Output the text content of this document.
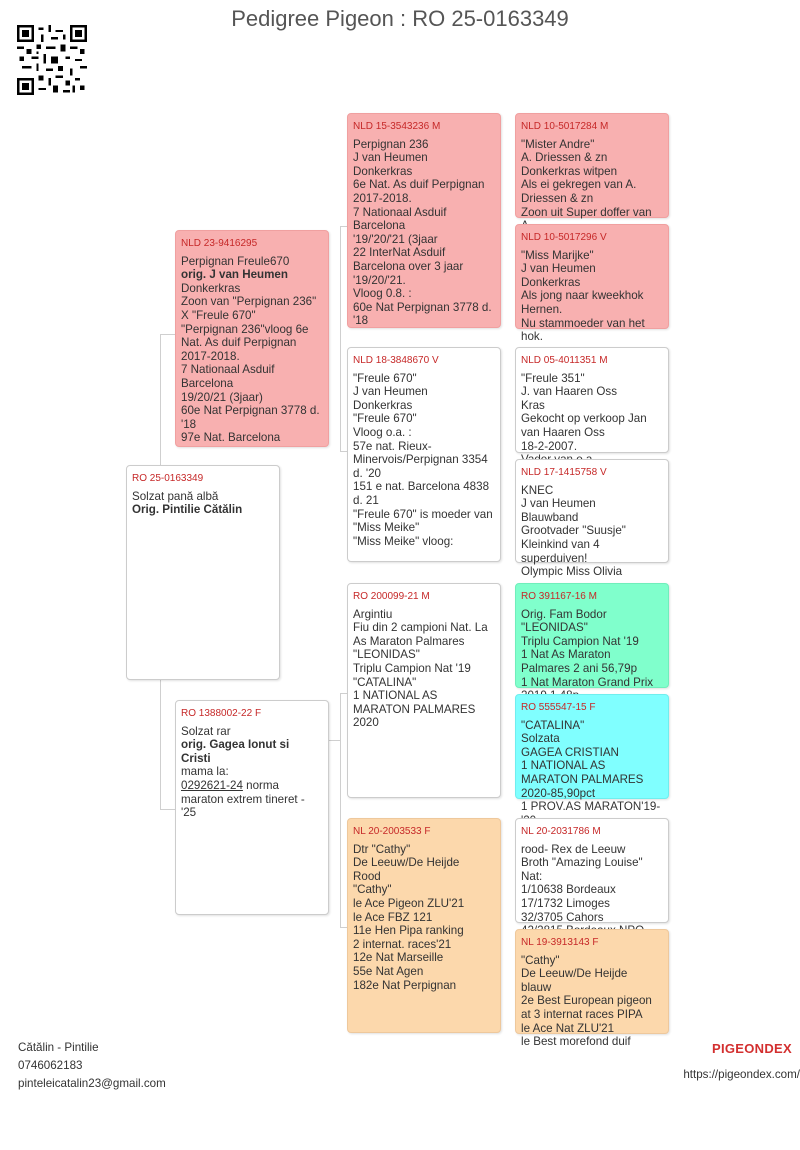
Pedigree Pigeon : RO 25-0163349
RO 25-0163349
Solzat pană albă
Orig. Pintilie Cătălin
NLD 23-9416295
Perpignan Freule670
orig. J van Heumen
Donkerkras
Zoon van "Perpignan 236" X "Freule 670"
"Perpignan 236"vloog 6e Nat. As duif Perpignan 2017-2018.
7 Nationaal Asduif Barcelona
19/20/21 (3jaar)
60e Nat Perpignan 3778 d. '18
97e Nat. Barcelona
RO 1388002-22 F
Solzat rar
orig. Gagea Ionut si Cristi
mama la:
0292621-24 norma maraton extrem tineret - '25
NLD 15-3543236 M
Perpignan 236
J van Heumen
Donkerkras
6e Nat. As duif Perpignan 2017-2018.
7 Nationaal Asduif Barcelona
'19/'20/'21 (3jaar
22 InterNat Asduif Barcelona over 3 jaar '19/20/'21.
Vloog 0.8. :
60e Nat Perpignan 3778 d. '18
NLD 18-3848670 V
"Freule 670"
J van Heumen
Donkerkras
"Freule 670"
Vloog o.a. :
57e nat. Rieux-Minervois/Perpignan 3354 d. '20
151 e nat. Barcelona 4838 d. 21
"Freule 670" is moeder van "Miss Meike"
"Miss Meike" vloog:
RO 200099-21 M
Argintiu
Fiu din 2 campioni Nat. La As Maraton Palmares
"LEONIDAS"
Triplu Campion Nat '19
"CATALINA"
1 NATIONAL AS MARATON PALMARES 2020
NL 20-2003533 F
Dtr "Cathy"
De Leeuw/De Heijde
Rood
"Cathy"
le Ace Pigeon ZLU'21
le Ace FBZ 121
11e Hen Pipa ranking
2 internat. races'21
12e Nat Marseille
55e Nat Agen
182e Nat Perpignan
NLD 10-5017284 M
"Mister Andre"
A. Driessen & zn
Donkerkras witpen
Als ei gekregen van A. Driessen & zn
Zoon uit Super doffer van
NLD 10-5017296 V
"Miss Marijke"
J van Heumen
Donkerkras
Als jong naar kweekhok Hernen.
Nu stammoeder van het hok.
NLD 05-4011351 M
"Freule 351"
J. van Haaren Oss
Kras
Gekocht op verkoop Jan van Haaren Oss
18-2-2007.
NLD 17-1415758 V
KNEC
J van Heumen
Blauwband
Grootvader "Suusje"
Kleinkind van 4 superduiven!
Olympic Miss Olivia
RO 391167-16 M
Orig. Fam Bodor
"LEONIDAS"
Triplu Campion Nat '19
1 Nat As Maraton Palmares 2 ani 56,79p
1 Nat Maraton Grand Prix
RO 555547-15 F
"CATALINA"
Solzata
GAGEA CRISTIAN
1 NATIONAL AS MARATON PALMARES 2020-85,90pct
1 PROV.AS MARATON'19-
NL 20-2031786 M
rood- Rex de Leeuw
Broth "Amazing Louise"
Nat:
1/10638 Bordeaux
17/1732 Limoges
32/3705 Cahors
NL 19-3913143 F
"Cathy"
De Leeuw/De Heijde
blauw
2e Best European pigeon at 3 internat races PIPA
le Ace Nat ZLU'21
le Best morefond duif
Cătălin - Pintilie
0746062183
pinteleicatalin23@gmail.com
PIGEONDEX
https://pigeondex.com/
